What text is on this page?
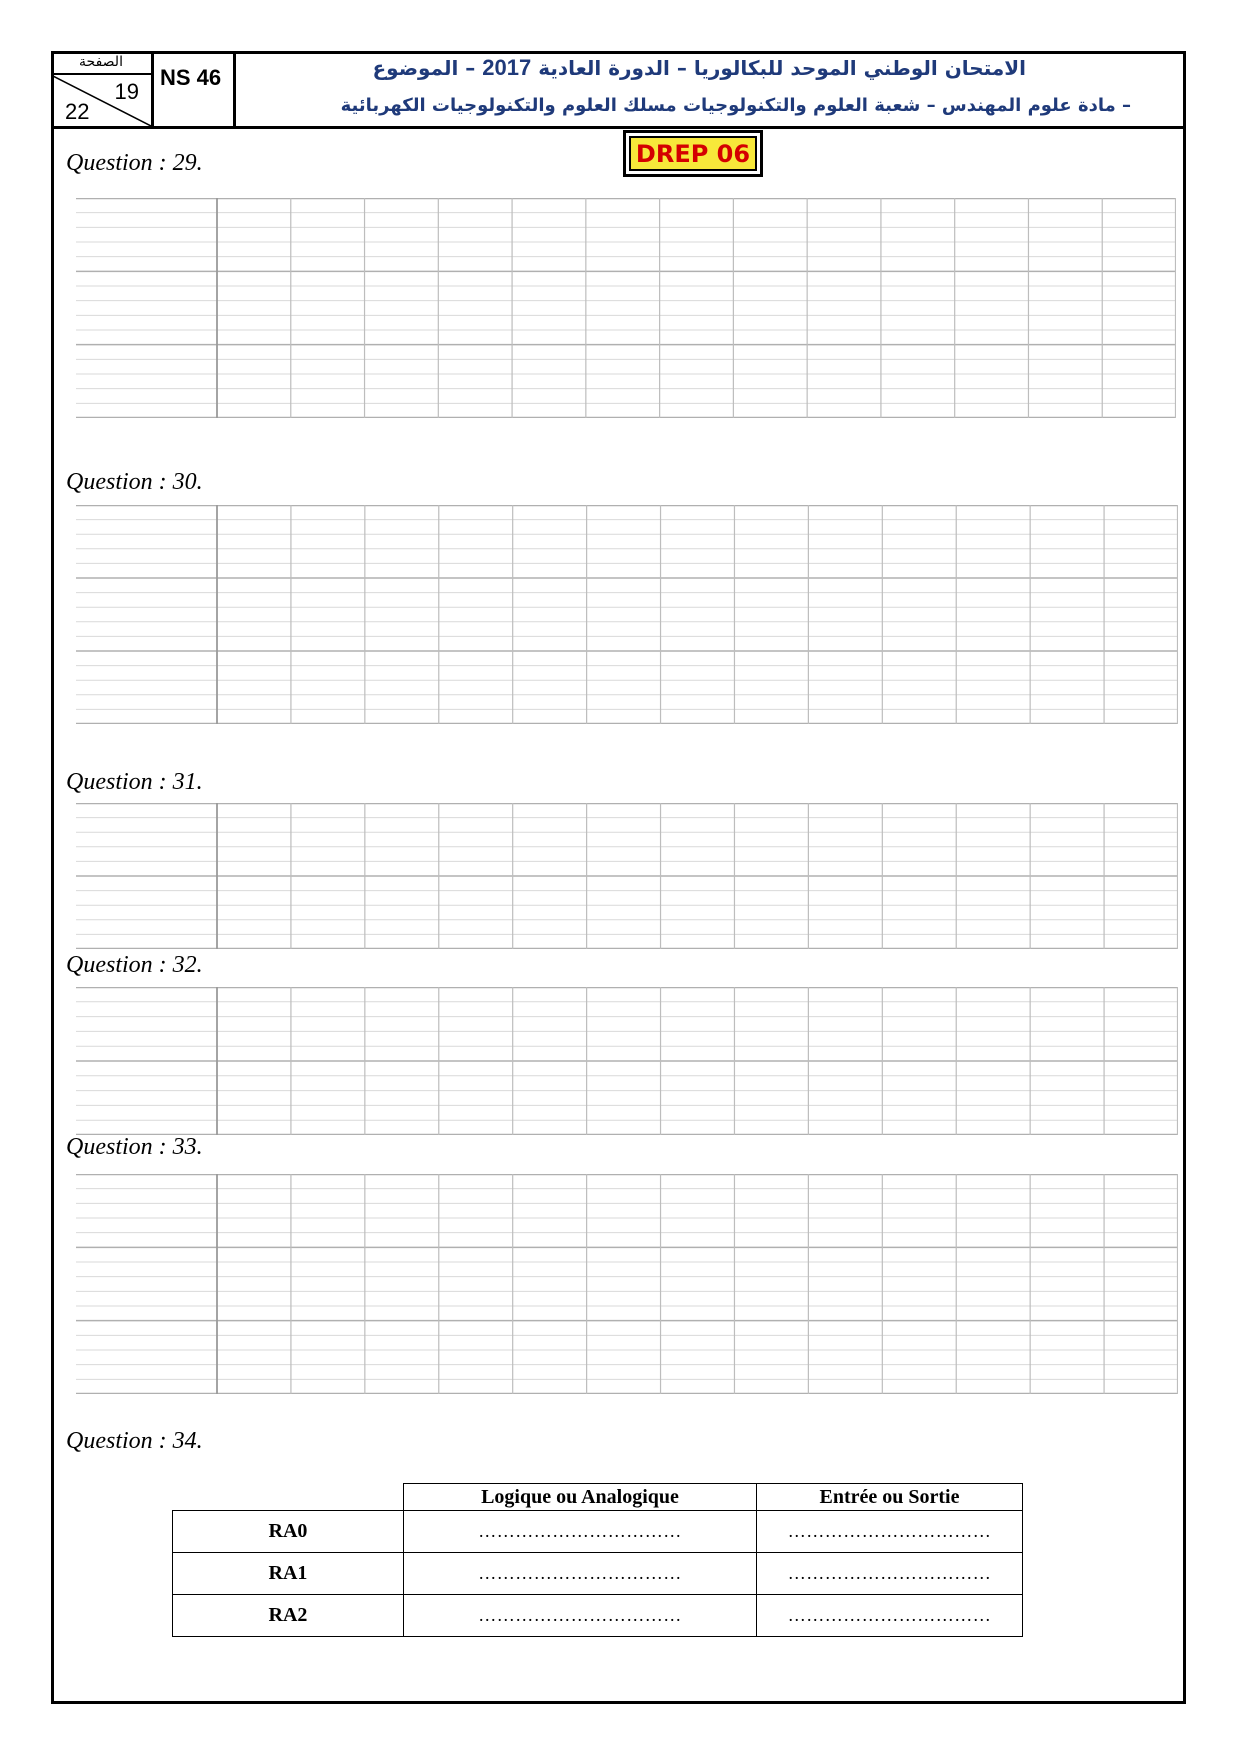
الصفحة
19
22
NS 46	الامتحان الوطني الموحد للبكالوريا – الدورة العادية 2017 – الموضوع
– مادة علوم المهندس – شعبة العلوم والتكنولوجيات مسلك العلوم والتكنولوجيات الكهربائية
DREP 06
Question : 29.
Question : 30.
Question : 31.
Question : 32.
Question : 33.
Question : 34.
	Logique ou Analogique	Entrée ou Sortie
RA0	……………………………	……………………………
RA1	……………………………	……………………………
RA2	……………………………	……………………………
